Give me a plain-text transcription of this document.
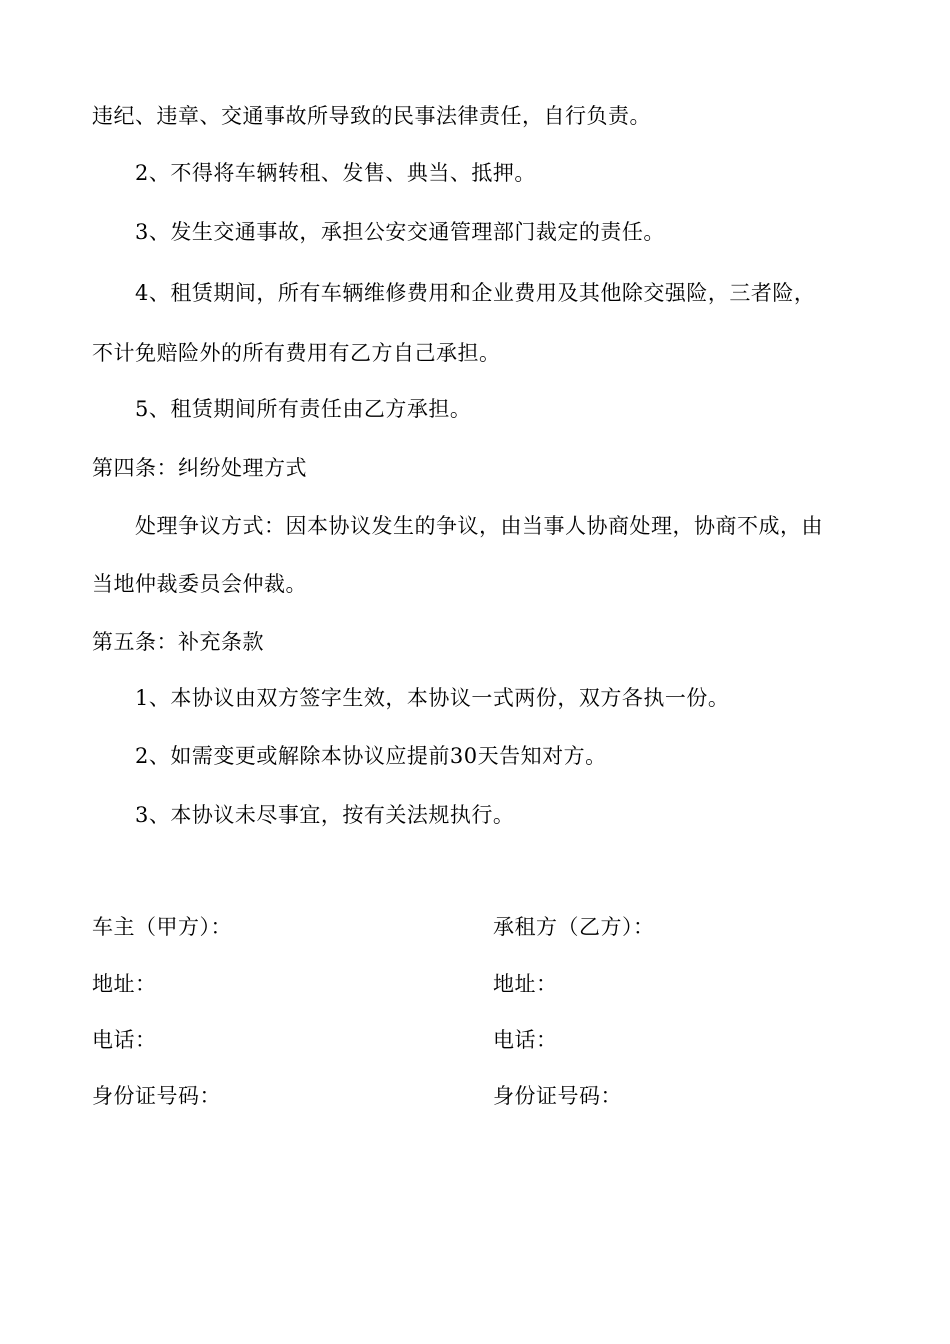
违纪、违章、交通事故所导致的民事法律责任，自行负责。
2、不得将车辆转租、发售、典当、抵押。
3、发生交通事故，承担公安交通管理部门裁定的责任。
4、租赁期间，所有车辆维修费用和企业费用及其他除交强险，三者险，
不计免赔险外的所有费用有乙方自己承担。
5、租赁期间所有责任由乙方承担。
第四条：纠纷处理方式
处理争议方式：因本协议发生的争议，由当事人协商处理，协商不成，由
当地仲裁委员会仲裁。
第五条：补充条款
1、本协议由双方签字生效，本协议一式两份，双方各执一份。
2、如需变更或解除本协议应提前30天告知对方。
3、本协议未尽事宜，按有关法规执行。
车主（甲方）：	承租方（乙方）：
地址：	地址：
电话：	电话：
身份证号码：	身份证号码：
